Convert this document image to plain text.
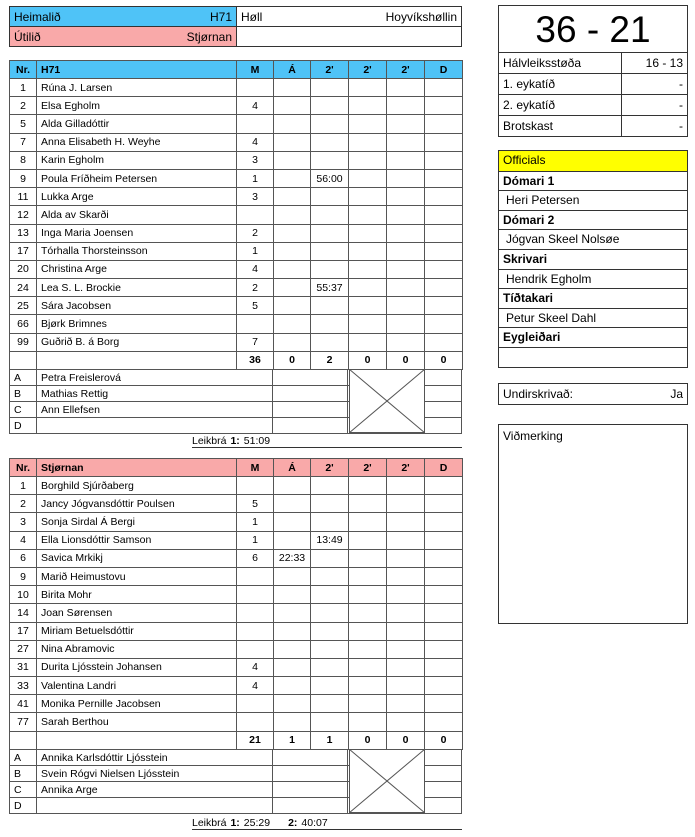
Heimalið H71	Høll Hoyvíkshøllin

Útilið Stjørnan	

Nr.	H71	M	Á	2'	2'	2'	D
1	Rúna J. Larsen						
2	Elsa Egholm	4					
5	Alda Gilladóttir						
7	Anna Elisabeth H. Weyhe	4					
8	Karin Egholm	3					
9	Poula Fríðheim Petersen	1		56:00			
11	Lukka Arge	3					
12	Alda av Skarði						
13	Inga Maria Joensen	2					
17	Tórhalla Thorsteinsson	1					
20	Christina Arge	4					
24	Lea S. L. Brockie	2		55:37			
25	Sára Jacobsen	5					
66	Bjørk Brimnes						
99	Guðrið B. á Borg	7					
		36	0	2	0	0	0
A	Petra Freislerová			
B	Mathias Rettig			
C	Ann Ellefsen			
D				
Leikbrá 1: 51:09
Nr.	Stjørnan	M	Á	2'	2'	2'	D
1	Borghild Sjúrðaberg						
2	Jancy Jógvansdóttir Poulsen	5					
3	Sonja Sirdal Á Bergi	1					
4	Ella Lionsdóttir Samson	1		13:49			
6	Savica Mrkikj	6	22:33				
9	Marið Heimustovu						
10	Birita Mohr						
14	Joan Sørensen						
17	Miriam Betuelsdóttir						
27	Nina Abramovic						
31	Durita Ljósstein Johansen	4					
33	Valentina Landri	4					
41	Monika Pernille Jacobsen						
77	Sarah Berthou						
		21	1	1	0	0	0
A	Annika Karlsdóttir Ljósstein			
B	Svein Rógvi Nielsen Ljósstein			
C	Annika Arge			
D				
Leikbrá 1: 25:29 2: 40:07
36 - 21
Hálvleiksstøða	16 - 13
1. eykatíð	-
2. eykatíð	-
Brotskast	-
Officials
Dómari 1
Heri Petersen
Dómari 2
Jógvan Skeel Nolsøe
Skrivari
Hendrik Egholm
Tíðtakari
Petur Skeel Dahl
Eygleiðari
Undirskrivað:	Ja
Viðmerking
